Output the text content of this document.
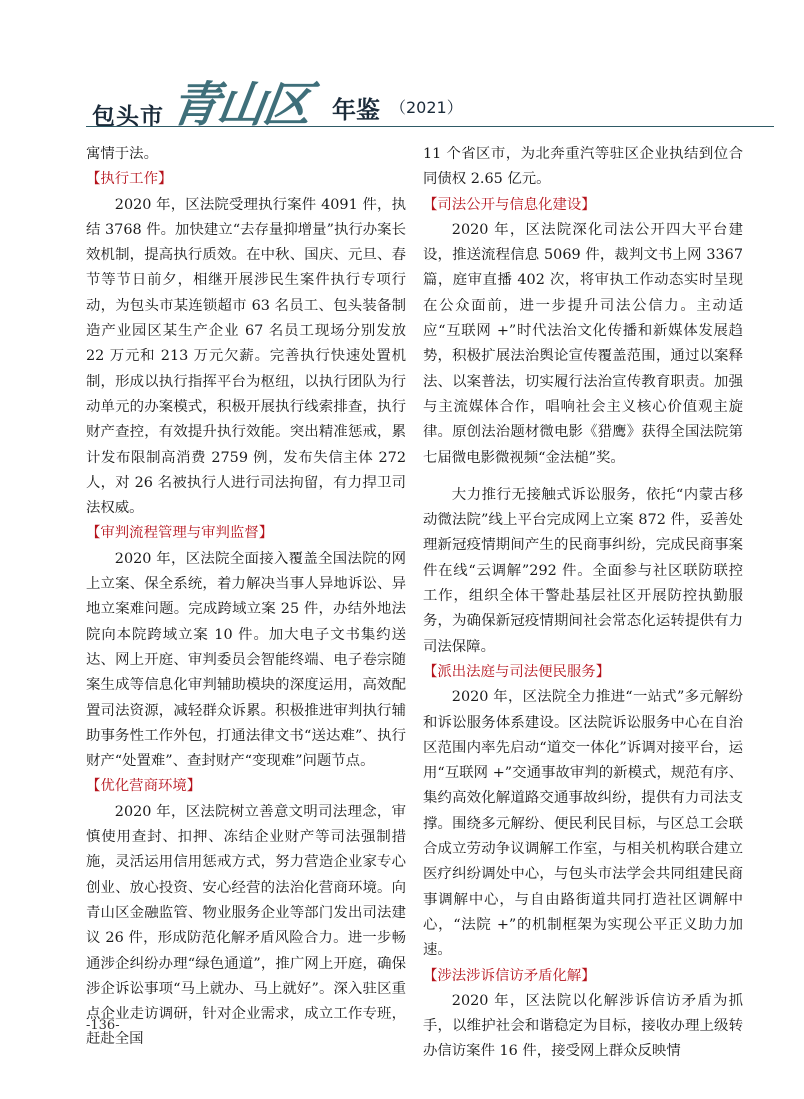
包头市 青山区 年鉴 （2021）

寓情于法。

【执行工作】

2020 年，区法院受理执行案件 4091 件，执结 3768 件。加快建立“去存量抑增量”执行办案长效机制，提高执行质效。在中秋、国庆、元旦、春节等节日前夕，相继开展涉民生案件执行专项行动，为包头市某连锁超市 63 名员工、包头装备制造产业园区某生产企业 67 名员工现场分别发放 22 万元和 213 万元欠薪。完善执行快速处置机制，形成以执行指挥平台为枢纽，以执行团队为行动单元的办案模式，积极开展执行线索排查，执行财产查控，有效提升执行效能。突出精准惩戒，累计发布限制高消费 2759 例，发布失信主体 272 人，对 26 名被执行人进行司法拘留，有力捍卫司法权威。

【审判流程管理与审判监督】

2020 年，区法院全面接入覆盖全国法院的网上立案、保全系统，着力解决当事人异地诉讼、异地立案难问题。完成跨域立案 25 件，办结外地法院向本院跨域立案 10 件。加大电子文书集约送达、网上开庭、审判委员会智能终端、电子卷宗随案生成等信息化审判辅助模块的深度运用，高效配置司法资源，减轻群众诉累。积极推进审判执行辅助事务性工作外包，打通法律文书“送达难”、执行财产“处置难”、查封财产“变现难”问题节点。

【优化营商环境】

2020 年，区法院树立善意文明司法理念，审慎使用查封、扣押、冻结企业财产等司法强制措施，灵活运用信用惩戒方式，努力营造企业家专心创业、放心投资、安心经营的法治化营商环境。向青山区金融监管、物业服务企业等部门发出司法建议 26 件，形成防范化解矛盾风险合力。进一步畅通涉企纠纷办理“绿色通道”，推广网上开庭，确保涉企诉讼事项“马上就办、马上就好”。深入驻区重点企业走访调研，针对企业需求，成立工作专班，赶赴全国

11 个省区市，为北奔重汽等驻区企业执结到位合同债权 2.65 亿元。

【司法公开与信息化建设】

2020 年，区法院深化司法公开四大平台建设，推送流程信息 5069 件，裁判文书上网 3367 篇，庭审直播 402 次，将审执工作动态实时呈现在公众面前，进一步提升司法公信力。主动适应“互联网 +”时代法治文化传播和新媒体发展趋势，积极扩展法治舆论宣传覆盖范围，通过以案释法、以案普法，切实履行法治宣传教育职责。加强与主流媒体合作，唱响社会主义核心价值观主旋律。原创法治题材微电影《猎鹰》获得全国法院第七届微电影微视频“金法槌”奖。

大力推行无接触式诉讼服务，依托“内蒙古移动微法院”线上平台完成网上立案 872 件，妥善处理新冠疫情期间产生的民商事纠纷，完成民商事案件在线“云调解”292 件。全面参与社区联防联控工作，组织全体干警赴基层社区开展防控执勤服务，为确保新冠疫情期间社会常态化运转提供有力司法保障。

【派出法庭与司法便民服务】

2020 年，区法院全力推进“一站式”多元解纷和诉讼服务体系建设。区法院诉讼服务中心在自治区范围内率先启动“道交一体化”诉调对接平台，运用“互联网 +”交通事故审判的新模式，规范有序、集约高效化解道路交通事故纠纷，提供有力司法支撑。围绕多元解纷、便民利民目标，与区总工会联合成立劳动争议调解工作室，与相关机构联合建立医疗纠纷调处中心，与包头市法学会共同组建民商事调解中心，与自由路街道共同打造社区调解中心，“法院 +”的机制框架为实现公平正义助力加速。

【涉法涉诉信访矛盾化解】

2020 年，区法院以化解涉诉信访矛盾为抓手，以维护社会和谐稳定为目标，接收办理上级转办信访案件 16 件，接受网上群众反映情

-136-
